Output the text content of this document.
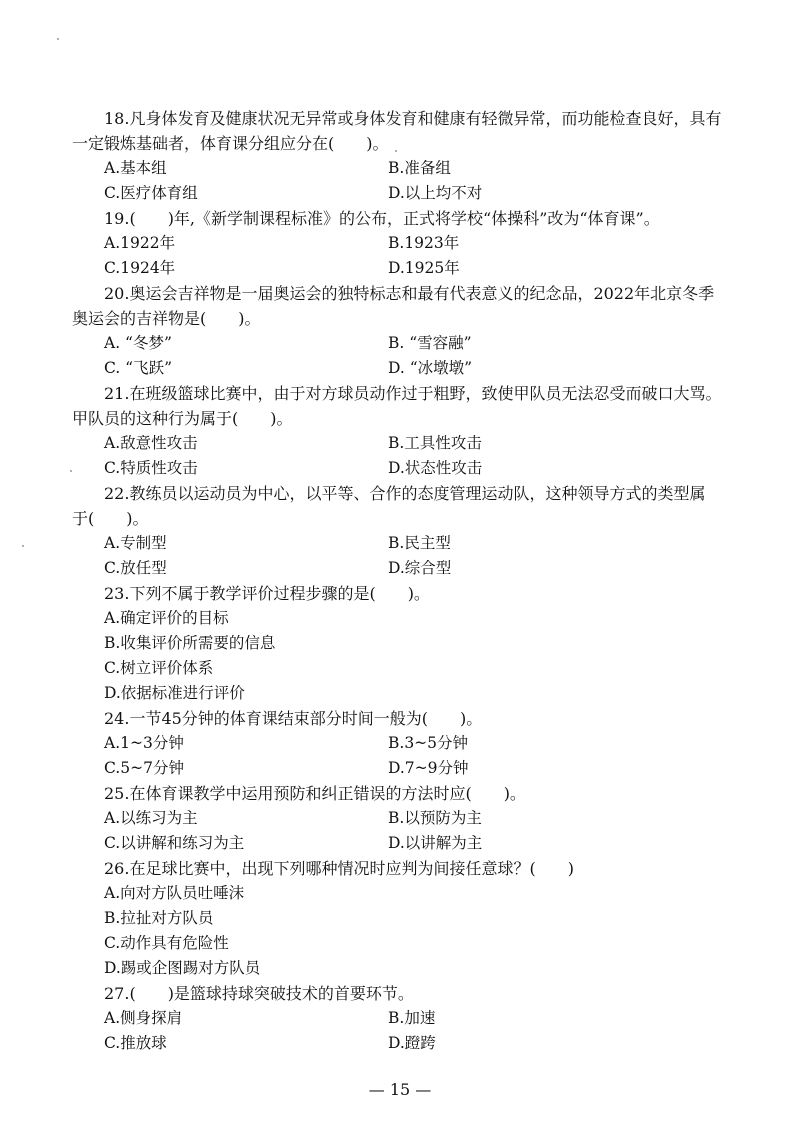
18.凡身体发育及健康状况无异常或身体发育和健康有轻微异常，而功能检查良好，具有
一定锻炼基础者，体育课分组应分在(　　)。
A.基本组	B.准备组
C.医疗体育组	D.以上均不对
19.(　　)年,《新学制课程标准》的公布，正式将学校“体操科”改为“体育课”。
A.1922年	B.1923年
C.1924年	D.1925年
20.奥运会吉祥物是一届奥运会的独特标志和最有代表意义的纪念品，2022年北京冬季
奥运会的吉祥物是(　　)。
A. “冬梦”	B. “雪容融”
C. “飞跃”	D. “冰墩墩”
21.在班级篮球比赛中，由于对方球员动作过于粗野，致使甲队员无法忍受而破口大骂。
甲队员的这种行为属于(　　)。
A.敌意性攻击	B.工具性攻击
C.特质性攻击	D.状态性攻击
22.教练员以运动员为中心，以平等、合作的态度管理运动队，这种领导方式的类型属
于(　　)。
A.专制型	B.民主型
C.放任型	D.综合型
23.下列不属于教学评价过程步骤的是(　　)。
A.确定评价的目标
B.收集评价所需要的信息
C.树立评价体系
D.依据标准进行评价
24.一节45分钟的体育课结束部分时间一般为(　　)。
A.1~3分钟	B.3~5分钟
C.5~7分钟	D.7~9分钟
25.在体育课教学中运用预防和纠正错误的方法时应(　　)。
A.以练习为主	B.以预防为主
C.以讲解和练习为主	D.以讲解为主
26.在足球比赛中，出现下列哪种情况时应判为间接任意球？(　　)
A.向对方队员吐唾沫
B.拉扯对方队员
C.动作具有危险性
D.踢或企图踢对方队员
27.(　　)是篮球持球突破技术的首要环节。
A.侧身探肩	B.加速
C.推放球	D.蹬跨
— 15 —
